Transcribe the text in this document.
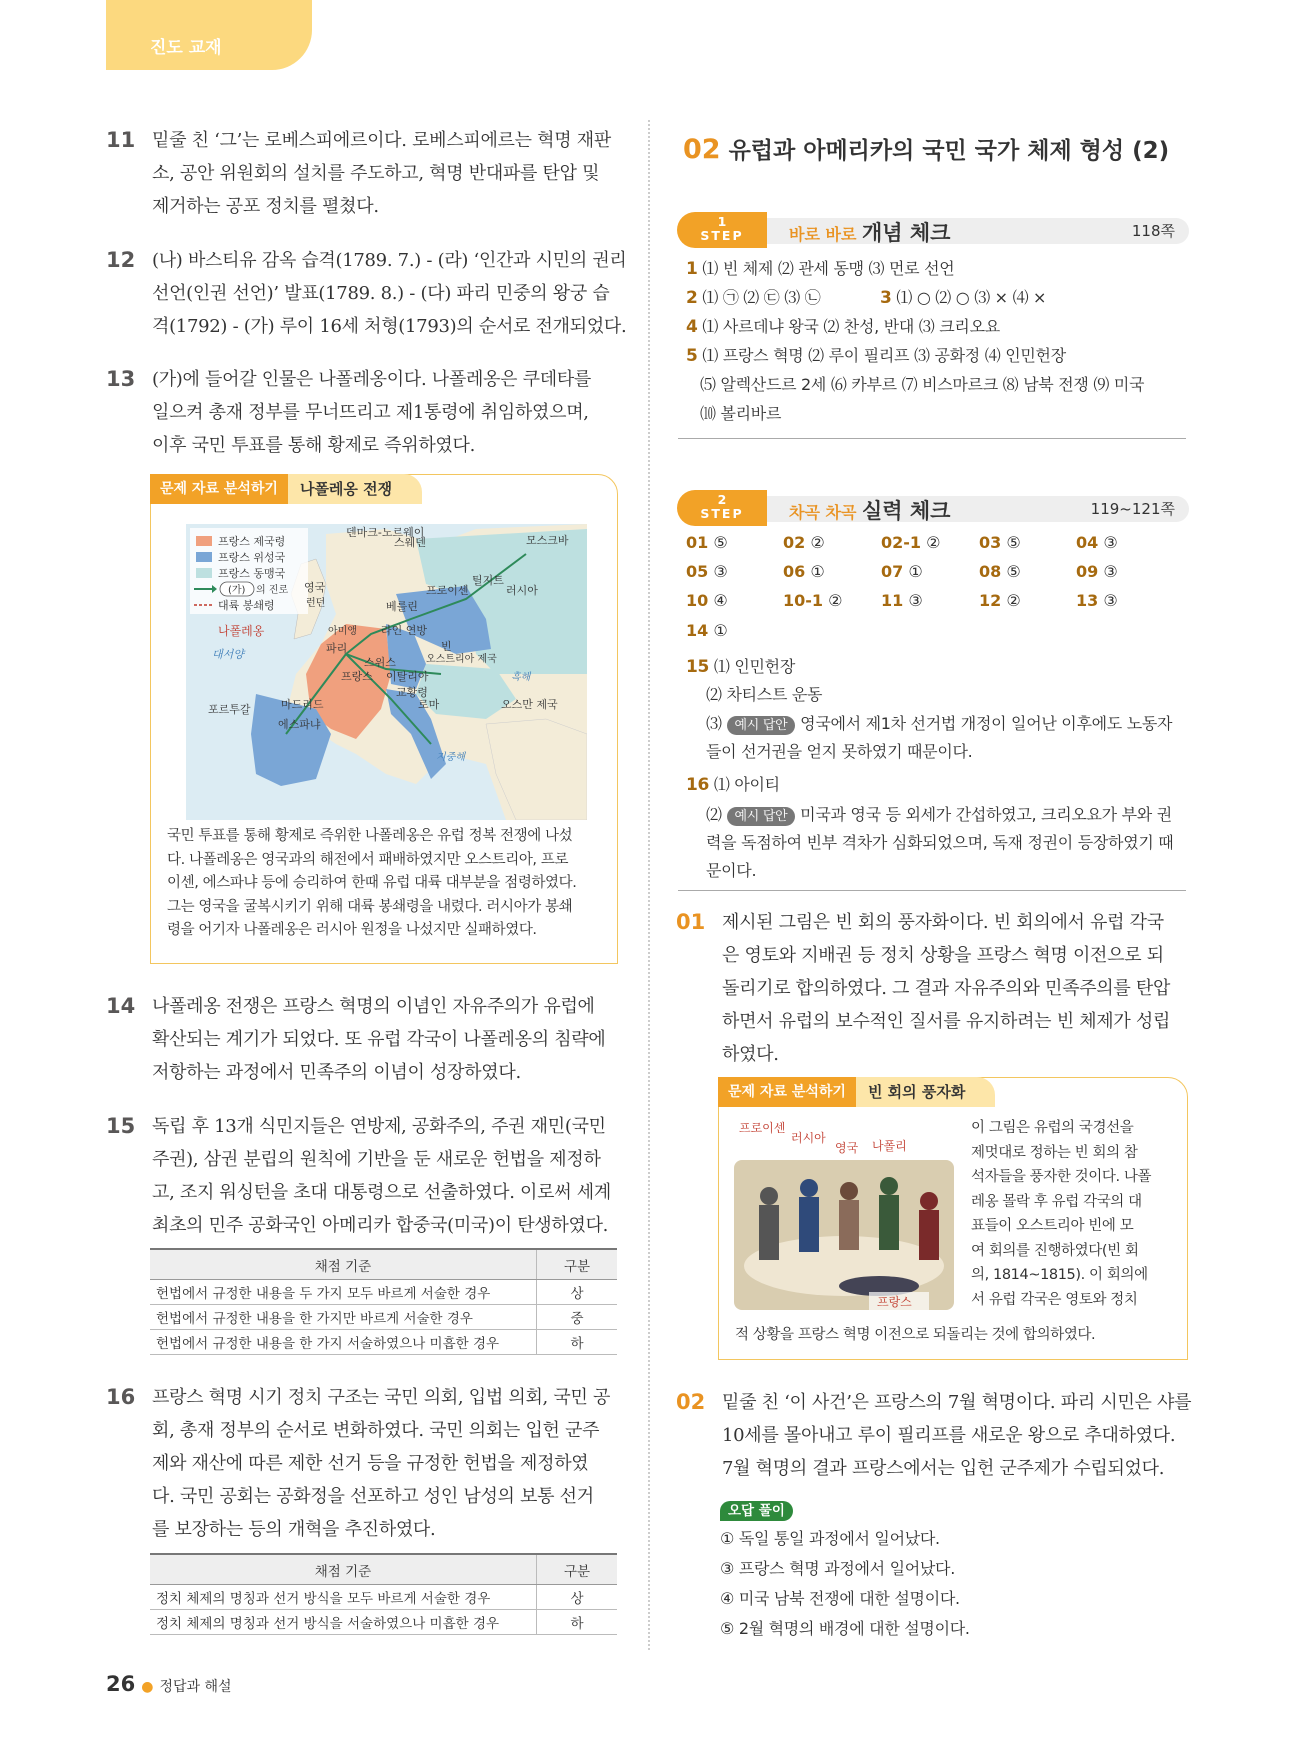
진도 교재
11 밑줄 친 ‘그’는 로베스피에르이다. 로베스피에르는 혁명 재판
소, 공안 위원회의 설치를 주도하고, 혁명 반대파를 탄압 및
제거하는 공포 정치를 펼쳤다.
12 (나) 바스티유 감옥 습격(1789. 7.) - (라) ‘인간과 시민의 권리
선언(인권 선언)’ 발표(1789. 8.) - (다) 파리 민중의 왕궁 습
격(1792) - (가) 루이 16세 처형(1793)의 순서로 전개되었다.
13 (가)에 들어갈 인물은 나폴레옹이다. 나폴레옹은 쿠데타를
일으켜 총재 정부를 무너뜨리고 제1통령에 취임하였으며,
이후 국민 투표를 통해 황제로 즉위하였다.
문제 자료 분석하기	나폴레옹 전쟁
프랑스 제국령
프랑스 위성국
프랑스 동맹국
(가) 의 진로
대륙 봉쇄령
덴마크-노르웨이
스웨덴	모스크바
영국
런던
틸지트
프로이센	러시아
베를린
나폴레옹	아미앵 라인 연방
파리	빈
대서양
스위스	오스트리아 제국
프랑스 이탈리아	흑해
교황령
마드리드	로마	오스만 제국
포르투갈
에스파냐
지중해
국민 투표를 통해 황제로 즉위한 나폴레옹은 유럽 정복 전쟁에 나섰
다. 나폴레옹은 영국과의 해전에서 패배하였지만 오스트리아, 프로
이센, 에스파냐 등에 승리하여 한때 유럽 대륙 대부분을 점령하였다.
그는 영국을 굴복시키기 위해 대륙 봉쇄령을 내렸다. 러시아가 봉쇄
령을 어기자 나폴레옹은 러시아 원정을 나섰지만 실패하였다.
14 나폴레옹 전쟁은 프랑스 혁명의 이념인 자유주의가 유럽에
확산되는 계기가 되었다. 또 유럽 각국이 나폴레옹의 침략에
저항하는 과정에서 민족주의 이념이 성장하였다.
15 독립 후 13개 식민지들은 연방제, 공화주의, 주권 재민(국민
주권), 삼권 분립의 원칙에 기반을 둔 새로운 헌법을 제정하
고, 조지 워싱턴을 초대 대통령으로 선출하였다. 이로써 세계
최초의 민주 공화국인 아메리카 합중국(미국)이 탄생하였다.
채점 기준	구분
헌법에서 규정한 내용을 두 가지 모두 바르게 서술한 경우	상
헌법에서 규정한 내용을 한 가지만 바르게 서술한 경우	중
헌법에서 규정한 내용을 한 가지 서술하였으나 미흡한 경우	하
16 프랑스 혁명 시기 정치 구조는 국민 의회, 입법 의회, 국민 공
회, 총재 정부의 순서로 변화하였다. 국민 의회는 입헌 군주
제와 재산에 따른 제한 선거 등을 규정한 헌법을 제정하였
다. 국민 공회는 공화정을 선포하고 성인 남성의 보통 선거
를 보장하는 등의 개혁을 추진하였다.
채점 기준	구분
정치 체제의 명칭과 선거 방식을 모두 바르게 서술한 경우	상
정치 체제의 명칭과 선거 방식을 서술하였으나 미흡한 경우	하
26 ● 정답과 해설
02 유럽과 아메리카의 국민 국가 체제 형성 (2)
1
STEP	바로 바로 개념 체크	118쪽
1 ⑴ 빈 체제 ⑵ 관세 동맹 ⑶ 먼로 선언
2 ⑴ ㉠ ⑵ ㉢ ⑶ ㉡	3 ⑴ ○ ⑵ ○ ⑶ × ⑷ ×
4 ⑴ 사르데냐 왕국 ⑵ 찬성, 반대 ⑶ 크리오요
5 ⑴ 프랑스 혁명 ⑵ 루이 필리프 ⑶ 공화정 ⑷ 인민헌장
⑸ 알렉산드르 2세 ⑹ 카부르 ⑺ 비스마르크 ⑻ 남북 전쟁 ⑼ 미국
⑽ 볼리바르
2
STEP	차곡 차곡 실력 체크	119~121쪽
01 ⑤	02 ②	02-1 ② 03 ⑤	04 ③
05 ③	06 ①	07 ①	08 ⑤	09 ③
10 ④	10-1 ② 11 ③	12 ②	13 ③
14 ①
15 ⑴ 인민헌장
⑵ 차티스트 운동
⑶ 예시 답안 영국에서 제1차 선거법 개정이 일어난 이후에도 노동자
들이 선거권을 얻지 못하였기 때문이다.
16 ⑴ 아이티
⑵ 예시 답안 미국과 영국 등 외세가 간섭하였고, 크리오요가 부와 권
력을 독점하여 빈부 격차가 심화되었으며, 독재 정권이 등장하였기 때
문이다.
01 제시된 그림은 빈 회의 풍자화이다. 빈 회의에서 유럽 각국
은 영토와 지배권 등 정치 상황을 프랑스 혁명 이전으로 되
돌리기로 합의하였다. 그 결과 자유주의와 민족주의를 탄압
하면서 유럽의 보수적인 질서를 유지하려는 빈 체제가 성립
하였다.
문제 자료 분석하기	빈 회의 풍자화
프로이센
러시아
영국 나폴리
프랑스
이 그림은 유럽의 국경선을
제멋대로 정하는 빈 회의 참
석자들을 풍자한 것이다. 나폴
레옹 몰락 후 유럽 각국의 대
표들이 오스트리아 빈에 모
여 회의를 진행하였다(빈 회
의, 1814~1815). 이 회의에
서 유럽 각국은 영토와 정치
적 상황을 프랑스 혁명 이전으로 되돌리는 것에 합의하였다.
02 밑줄 친 ‘이 사건’은 프랑스의 7월 혁명이다. 파리 시민은 샤를
10세를 몰아내고 루이 필리프를 새로운 왕으로 추대하였다.
7월 혁명의 결과 프랑스에서는 입헌 군주제가 수립되었다.
오답 풀이
① 독일 통일 과정에서 일어났다.
③ 프랑스 혁명 과정에서 일어났다.
④ 미국 남북 전쟁에 대한 설명이다.
⑤ 2월 혁명의 배경에 대한 설명이다.
